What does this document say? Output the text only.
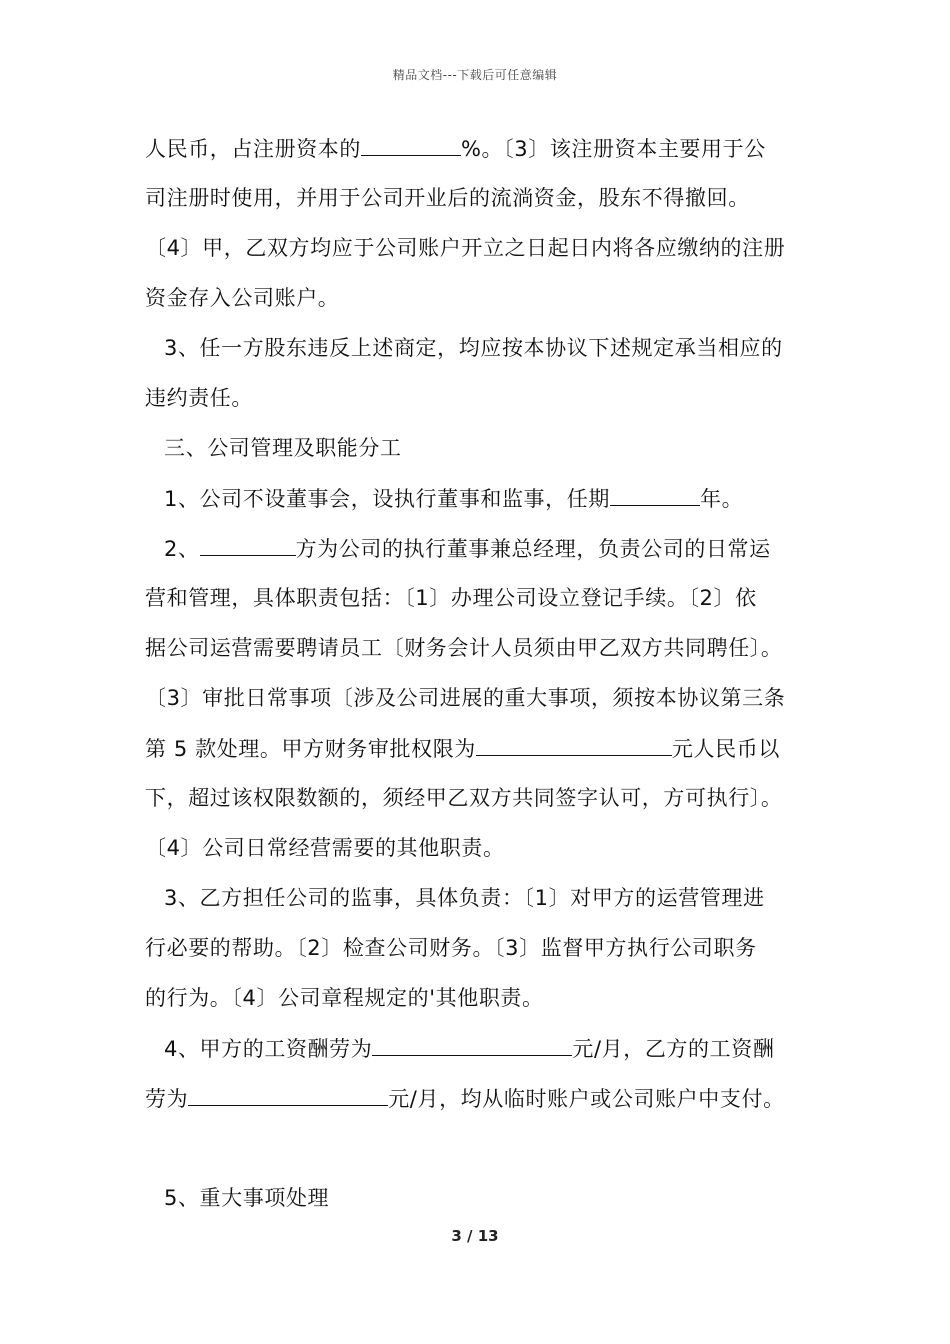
精品文档---下载后可任意编辑
人民币，占注册资本的	%。〔3〕该注册资本主要用于公
司注册时使用，并用于公司开业后的流淌资金，股东不得撤回。
〔4〕甲，乙双方均应于公司账户开立之日起日内将各应缴纳的注册
资金存入公司账户。
3、任一方股东违反上述商定，均应按本协议下述规定承当相应的
违约责任。
三、公司管理及职能分工
1、公司不设董事会，设执行董事和监事，任期	年。
2、	方为公司的执行董事兼总经理，负责公司的日常运
营和管理，具体职责包括：〔1〕办理公司设立登记手续。〔2〕依
据公司运营需要聘请员工〔财务会计人员须由甲乙双方共同聘任〕。
〔3〕审批日常事项〔涉及公司进展的重大事项，须按本协议第三条
第 5 款处理。甲方财务审批权限为	元人民币以
下，超过该权限数额的，须经甲乙双方共同签字认可，方可执行〕。
〔4〕公司日常经营需要的其他职责。
3、乙方担任公司的监事，具体负责：〔1〕对甲方的运营管理进
行必要的帮助。〔2〕检查公司财务。〔3〕监督甲方执行公司职务
的行为。〔4〕公司章程规定的'其他职责。
4、甲方的工资酬劳为	元/月，乙方的工资酬
劳为	元/月，均从临时账户或公司账户中支付。
5、重大事项处理
3 / 13
